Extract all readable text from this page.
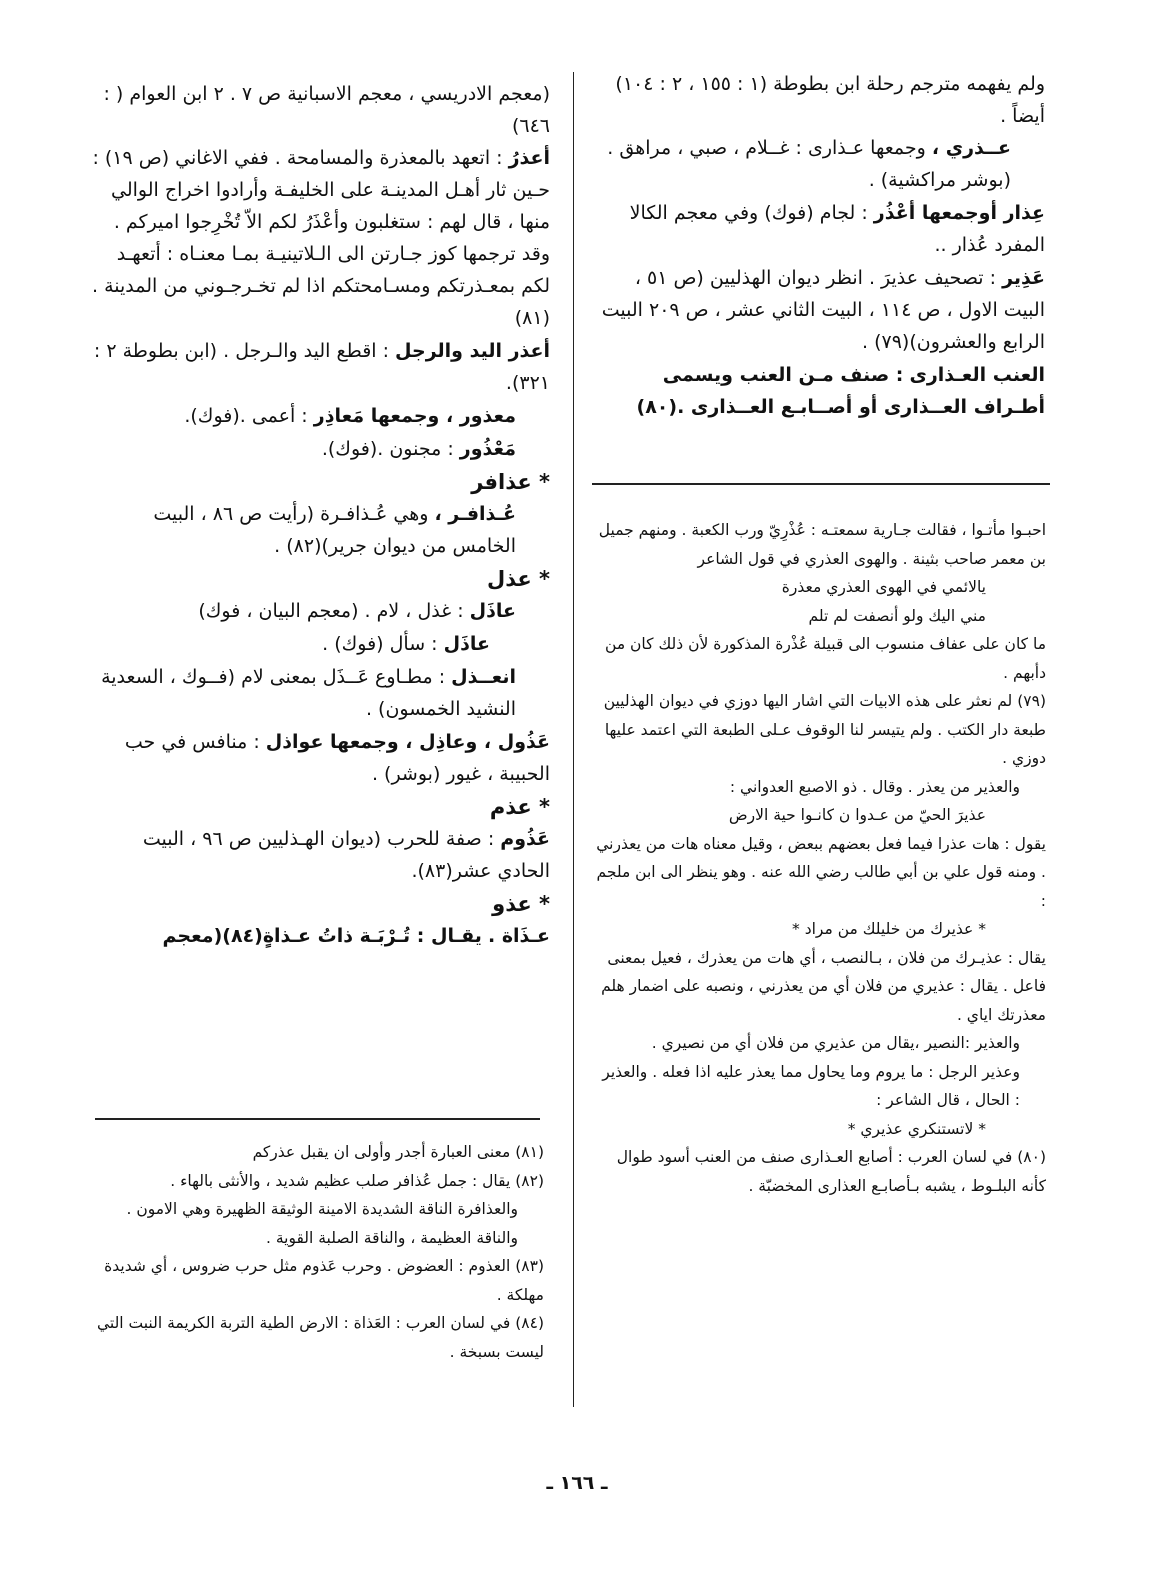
ولم يفهمه مترجم رحلة ابن بطوطة (١ : ١٥٥ ، ٢ : ١٠٤) أيضاً .

عــذري ، وجمعها عـذارى : غــلام ، صبي ، مراهق . (بوشر مراكشية) .

عِذار أوجمعها أعْذُر : لجام (فوك) وفي معجم الكالا المفرد عُذار ..

عَذِير : تصحيف عذيرَ . انظر ديوان الهذليين (ص ٥١ ، البيت الاول ، ص ١١٤ ، البيت الثاني عشر ، ص ٢٠٩ البيت الرابع والعشرون)(٧٩) .

العنب العـذارى : صنف مـن العنب ويسمى أطـراف العــذارى أو أصــابـع العــذارى .(٨٠)

(معجم الادريسي ، معجم الاسبانية ص ٧ . ٢ ابن العوام ( : ٦٤٦)

أعذرُ : اتعهد بالمعذرة والمسامحة . ففي الاغاني (ص ١٩) : حـين ثار أهـل المدينـة على الخليفـة وأرادوا اخراج الوالي منها ، قال لهم : ستغلبون وأعْذَرُ لكم الاّ تُخْرِجوا اميركم . وقد ترجمها كوز جـارتن الى الـلاتينيـة بمـا معنـاه : أتعهـد لكم بمعـذرتكم ومسـامحتكم اذا لم تخـرجـوني من المدينة .(٨١)

أعذر اليد والرجل : اقطع اليد والـرجل . (ابن بطوطة ٢ : ٣٢١).

معذور ، وجمعها مَعاذِر : أعمى .(فوك).

مَعْذُور : مجنون .(فوك).

* عذافر

عُـذافـر ، وهي عُـذافـرة (رأيت ص ٨٦ ، البيت الخامس من ديوان جرير)(٨٢) .

* عذل

عاذَل : غذل ، لام . (معجم البيان ، فوك)

عاذَل : سأل (فوك) .

انعــذل : مطـاوع عَــذَل بمعنى لام (فــوك ، السعدية النشيد الخمسون) .

عَذُول ، وعاذِل ، وجمعها عواذل : منافس في حب الحبيبة ، غيور (بوشر) .

* عذم

عَذُوم : صفة للحرب (ديوان الهـذليين ص ٩٦ ، البيت الحادي عشر(٨٣).

* عذو

عـذَاة . يقـال : تُـرْبَـة ذاتُ عـذاةٍ(٨٤)(معجم

احبـوا مأتـوا ، فقالت جـارية سمعتـه : عُذْرِيّ ورب الكعبة . ومنهم جميل بن معمر صاحب بثينة . والهوى العذري في قول الشاعر

يالائمي في الهوى العذري معذرة

مني اليك ولو أنصفت لم تلم

ما كان على عفاف منسوب الى قبيلة عُذْرة المذكورة لأن ذلك كان من دأبهم .

(٧٩) لم نعثر على هذه الابيات التي اشار اليها دوزي في ديوان الهذليين طبعة دار الكتب . ولم يتيسر لنا الوقوف عـلى الطبعة التي اعتمد عليها دوزي .

والعذير من يعذر . وقال . ذو الاصبع العدواني :

عذيرَ الحيّ من عـدوا ن كانـوا حية الارض

يقول : هات عذرا فيما فعل بعضهم ببعض ، وقيل معناه هات من يعذرني . ومنه قول علي بن أبي طالب رضي الله عنه . وهو ينظر الى ابن ملجم :

* عذيرك من خليلك من مراد *

يقال : عذيـرك من فلان ، بـالنصب ، أي هات من يعذرك ، فعيل بمعنى فاعل . يقال : عذيري من فلان أي من يعذرني ، ونصبه على اضمار هلم معذرتك اياي .

والعذير :النصير ،يقال من عذيري من فلان أي من نصيري .

وعذير الرجل : ما يروم وما يحاول مما يعذر عليه اذا فعله . والعذير : الحال ، قال الشاعر :

* لاتستنكري عذيري *

(٨٠) في لسان العرب : أصابع العـذارى صنف من العنب أسود طوال كأنه البلـوط ، يشبه بـأصابـع العذارى المخضبّة .

(٨١) معنى العبارة أجدر وأولى ان يقبل عذركم

(٨٢) يقال : جمل عُذافر صلب عظيم شديد ، والأنثى بالهاء .

والعذافرة الناقة الشديدة الامينة الوثيقة الظهيرة وهي الامون . والناقة العظيمة ، والناقة الصلبة القوية .

(٨٣) العذوم : العضوض . وحرب عَذوم مثل حرب ضروس ، أي شديدة مهلكة .

(٨٤) في لسان العرب : العَذاة : الارض الطية التربة الكريمة النبت التي ليست بسبخة .

ـ ١٦٦ ـ
